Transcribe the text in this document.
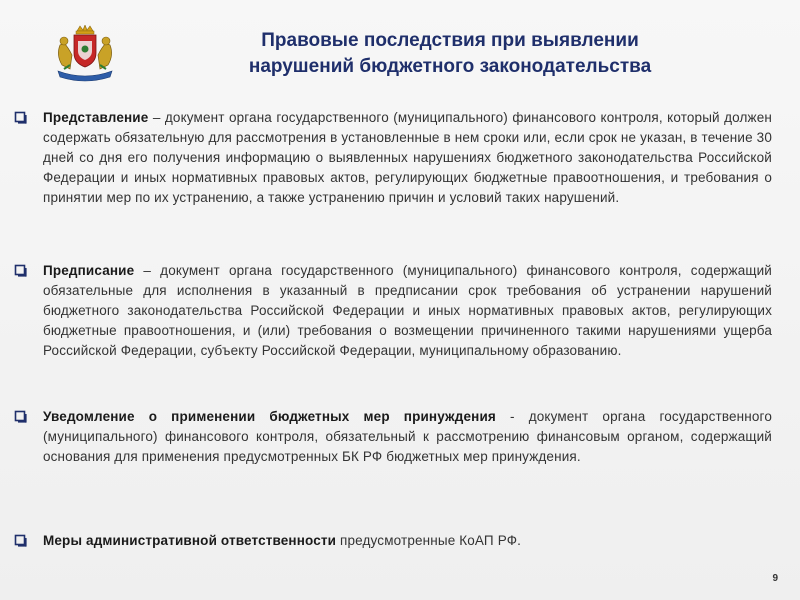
Правовые последствия при выявлении
нарушений бюджетного законодательства
Представление – документ органа государственного (муниципального) финансового контроля, который должен содержать обязательную для рассмотрения в установленные в нем сроки или, если срок не указан, в течение 30 дней со дня его получения информацию о выявленных нарушениях бюджетного законодательства Российской Федерации и иных нормативных правовых актов, регулирующих бюджетные правоотношения, и требования о принятии мер по их устранению, а также устранению причин и условий таких нарушений.
Предписание – документ органа государственного (муниципального) финансового контроля, содержащий обязательные для исполнения в указанный в предписании срок требования об устранении нарушений бюджетного законодательства Российской Федерации и иных нормативных правовых актов, регулирующих бюджетные правоотношения, и (или) требования о возмещении причиненного такими нарушениями ущерба Российской Федерации, субъекту Российской Федерации, муниципальному образованию.
Уведомление о применении бюджетных мер принуждения - документ органа государственного (муниципального) финансового контроля, обязательный к рассмотрению финансовым органом, содержащий основания для применения предусмотренных БК РФ бюджетных мер принуждения.
Меры административной ответственности предусмотренные КоАП РФ.
9
